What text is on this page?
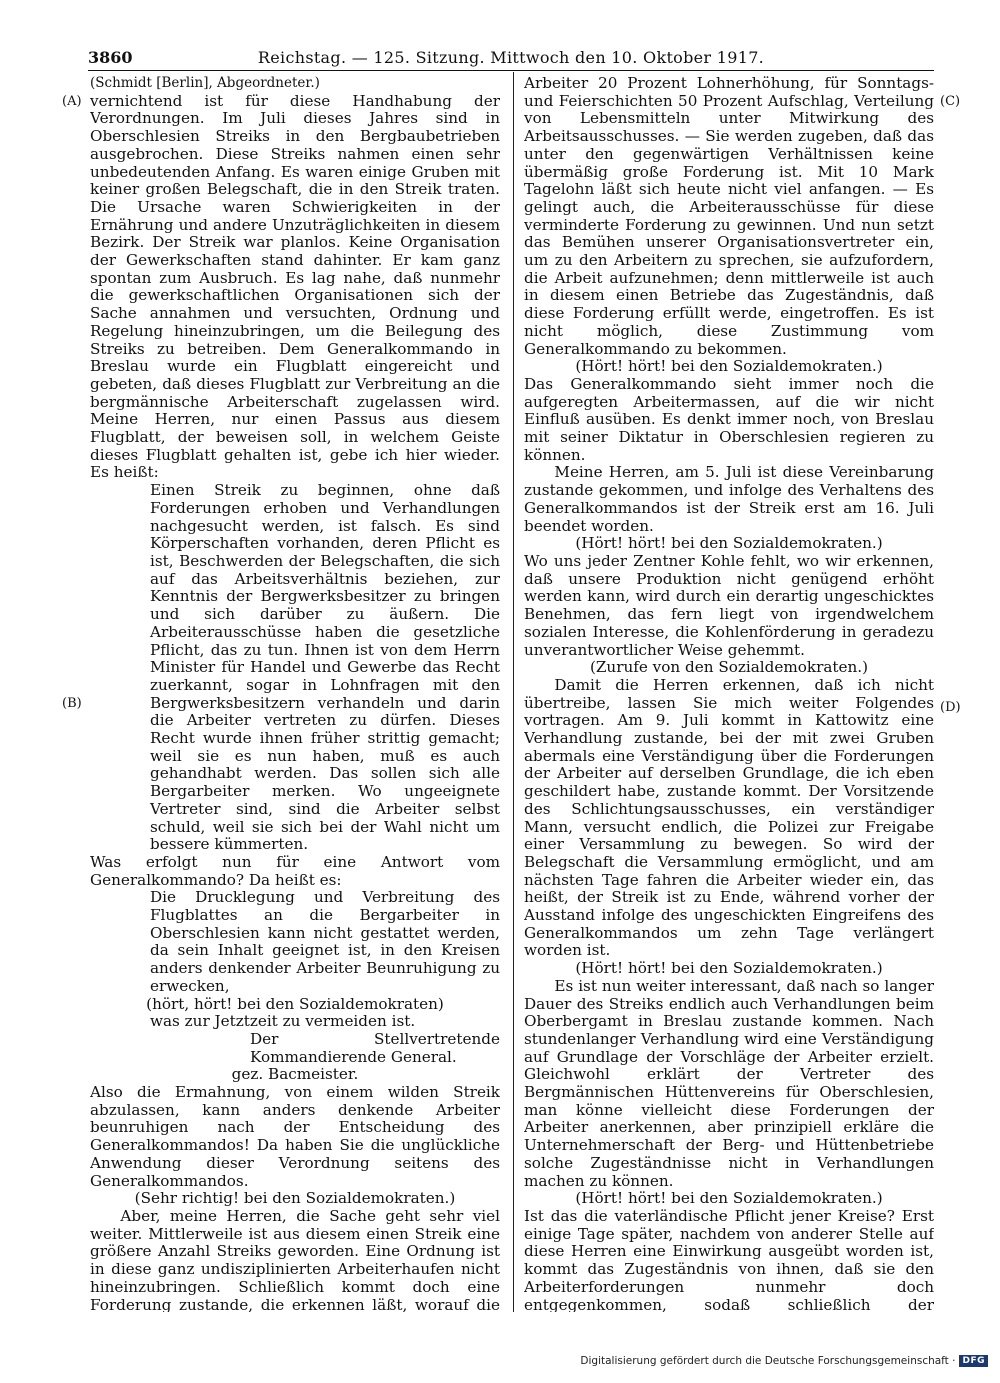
3860	Reichstag. — 125. Sitzung. Mittwoch den 10. Oktober 1917.
(A)
(B)
(C)
(D)

(Schmidt [Berlin], Abgeordneter.)

vernichtend ist für diese Handhabung der Verordnungen. Im Juli dieses Jahres sind in Oberschlesien Streiks in den Bergbaubetrieben ausgebrochen. Diese Streiks nahmen einen sehr unbedeutenden Anfang. Es waren einige Gruben mit keiner großen Belegschaft, die in den Streik traten. Die Ursache waren Schwierigkeiten in der Ernährung und andere Unzuträglichkeiten in diesem Bezirk. Der Streik war planlos. Keine Organisation der Gewerkschaften stand dahinter. Er kam ganz spontan zum Ausbruch. Es lag nahe, daß nunmehr die gewerkschaftlichen Organisationen sich der Sache annahmen und versuchten, Ordnung und Regelung hineinzubringen, um die Beilegung des Streiks zu betreiben. Dem Generalkommando in Breslau wurde ein Flugblatt eingereicht und gebeten, daß dieses Flugblatt zur Verbreitung an die bergmännische Arbeiterschaft zugelassen wird. Meine Herren, nur einen Passus aus diesem Flugblatt, der beweisen soll, in welchem Geiste dieses Flugblatt gehalten ist, gebe ich hier wieder. Es heißt:

Einen Streik zu beginnen, ohne daß Forderungen erhoben und Verhandlungen nachgesucht werden, ist falsch. Es sind Körperschaften vorhanden, deren Pflicht es ist, Beschwerden der Belegschaften, die sich auf das Arbeitsverhältnis beziehen, zur Kenntnis der Bergwerksbesitzer zu bringen und sich darüber zu äußern. Die Arbeiterausschüsse haben die gesetzliche Pflicht, das zu tun. Ihnen ist von dem Herrn Minister für Handel und Gewerbe das Recht zuerkannt, sogar in Lohnfragen mit den Bergwerksbesitzern verhandeln und darin die Arbeiter vertreten zu dürfen. Dieses Recht wurde ihnen früher strittig gemacht; weil sie es nun haben, muß es auch gehandhabt werden. Das sollen sich alle Bergarbeiter merken. Wo ungeeignete Vertreter sind, sind die Arbeiter selbst schuld, weil sie sich bei der Wahl nicht um bessere kümmerten.

Was erfolgt nun für eine Antwort vom Generalkommando? Da heißt es:

Die Drucklegung und Verbreitung des Flugblattes an die Bergarbeiter in Oberschlesien kann nicht gestattet werden, da sein Inhalt geeignet ist, in den Kreisen anders denkender Arbeiter Beunruhigung zu erwecken,

(hört, hört! bei den Sozialdemokraten)

was zur Jetztzeit zu vermeiden ist.

Der Stellvertretende Kommandierende General.

gez. Bacmeister.

Also die Ermahnung, von einem wilden Streik abzulassen, kann anders denkende Arbeiter beunruhigen nach der Entscheidung des Generalkommandos! Da haben Sie die unglückliche Anwendung dieser Verordnung seitens des Generalkommandos.

(Sehr richtig! bei den Sozialdemokraten.)

Aber, meine Herren, die Sache geht sehr viel weiter. Mittlerweile ist aus diesem einen Streik eine größere Anzahl Streiks geworden. Eine Ordnung ist in diese ganz undisziplinierten Arbeiterhaufen nicht hineinzubringen. Schließlich kommt doch eine Forderung zustande, die erkennen läßt, worauf die

Arbeiter 20 Prozent Lohnerhöhung, für Sonntags- und Feierschichten 50 Prozent Aufschlag, Verteilung von Lebensmitteln unter Mitwirkung des Arbeitsausschusses. — Sie werden zugeben, daß das unter den gegenwärtigen Verhältnissen keine übermäßig große Forderung ist. Mit 10 Mark Tagelohn läßt sich heute nicht viel anfangen. — Es gelingt auch, die Arbeiterausschüsse für diese verminderte Forderung zu gewinnen. Und nun setzt das Bemühen unserer Organisationsvertreter ein, um zu den Arbeitern zu sprechen, sie aufzufordern, die Arbeit aufzunehmen; denn mittlerweile ist auch in diesem einen Betriebe das Zugeständnis, daß diese Forderung erfüllt werde, eingetroffen. Es ist nicht möglich, diese Zustimmung vom Generalkommando zu bekommen.

(Hört! hört! bei den Sozialdemokraten.)

Das Generalkommando sieht immer noch die aufgeregten Arbeitermassen, auf die wir nicht Einfluß ausüben. Es denkt immer noch, von Breslau mit seiner Diktatur in Oberschlesien regieren zu können.

Meine Herren, am 5. Juli ist diese Vereinbarung zustande gekommen, und infolge des Verhaltens des Generalkommandos ist der Streik erst am 16. Juli beendet worden.

(Hört! hört! bei den Sozialdemokraten.)

Wo uns jeder Zentner Kohle fehlt, wo wir erkennen, daß unsere Produktion nicht genügend erhöht werden kann, wird durch ein derartig ungeschicktes Benehmen, das fern liegt von irgendwelchem sozialen Interesse, die Kohlenförderung in geradezu unverantwortlicher Weise gehemmt.

(Zurufe von den Sozialdemokraten.)

Damit die Herren erkennen, daß ich nicht übertreibe, lassen Sie mich weiter Folgendes vortragen. Am 9. Juli kommt in Kattowitz eine Verhandlung zustande, bei der mit zwei Gruben abermals eine Verständigung über die Forderungen der Arbeiter auf derselben Grundlage, die ich eben geschildert habe, zustande kommt. Der Vorsitzende des Schlichtungsausschusses, ein verständiger Mann, versucht endlich, die Polizei zur Freigabe einer Versammlung zu bewegen. So wird der Belegschaft die Versammlung ermöglicht, und am nächsten Tage fahren die Arbeiter wieder ein, das heißt, der Streik ist zu Ende, während vorher der Ausstand infolge des ungeschickten Eingreifens des Generalkommandos um zehn Tage verlängert worden ist.

(Hört! hört! bei den Sozialdemokraten.)

Es ist nun weiter interessant, daß nach so langer Dauer des Streiks endlich auch Verhandlungen beim Oberbergamt in Breslau zustande kommen. Nach stundenlanger Verhandlung wird eine Verständigung auf Grundlage der Vorschläge der Arbeiter erzielt. Gleichwohl erklärt der Vertreter des Bergmännischen Hüttenvereins für Oberschlesien, man könne vielleicht diese Forderungen der Arbeiter anerkennen, aber prinzipiell erkläre die Unternehmerschaft der Berg- und Hüttenbetriebe solche Zugeständnisse nicht in Verhandlungen machen zu können.

(Hört! hört! bei den Sozialdemokraten.)

Ist das die vaterländische Pflicht jener Kreise? Erst einige Tage später, nachdem von anderer Stelle auf diese Herren eine Einwirkung ausgeübt worden ist, kommt das Zugeständnis von ihnen, daß sie den Arbeiterforderungen nunmehr doch entgegenkommen, sodaß schließlich der

Digitalisierung gefördert durch die Deutsche Forschungsgemeinschaft · DFG
